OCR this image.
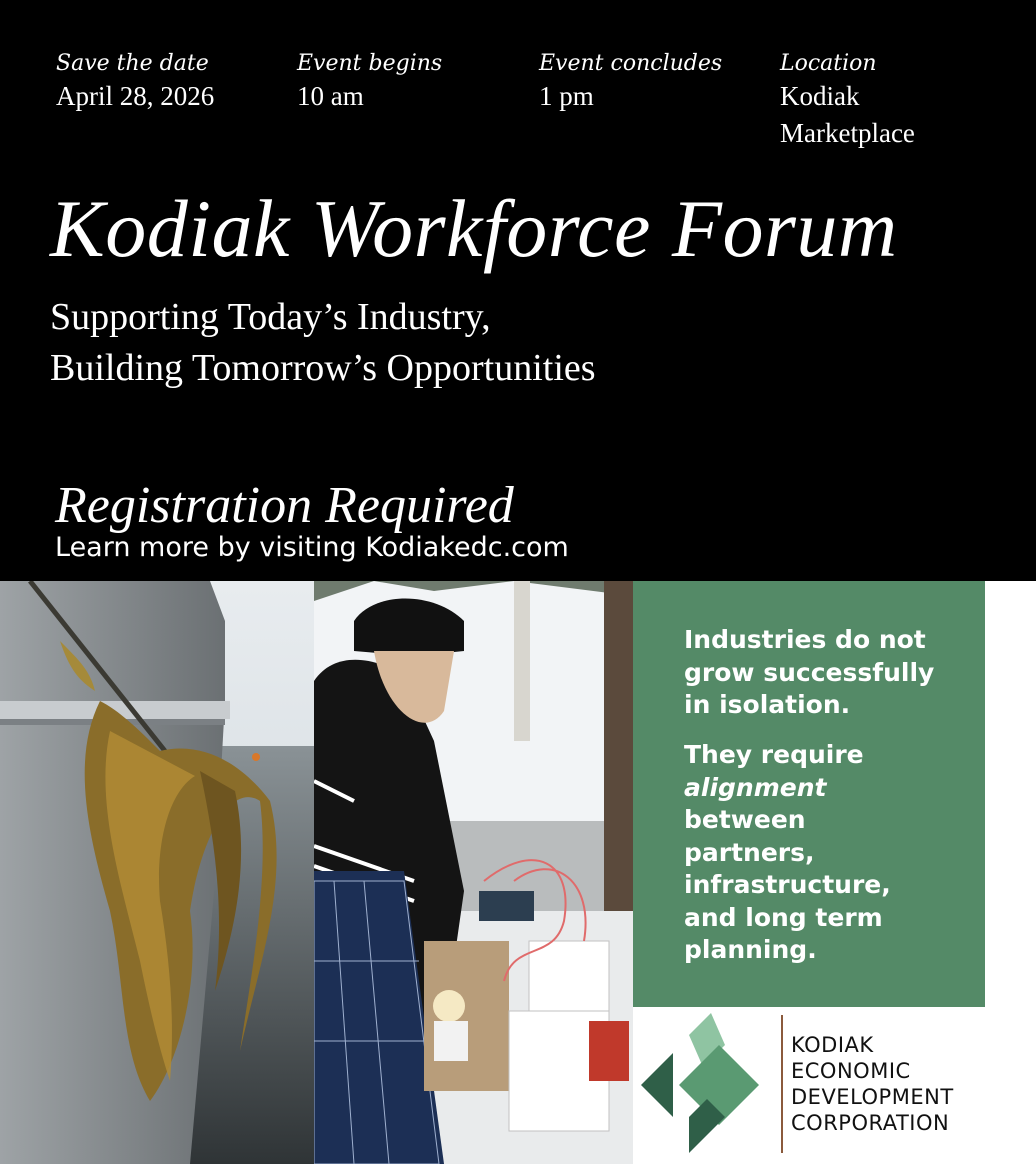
Save the date
April 28, 2026
Event begins
10 am
Event concludes
1 pm
Location
Kodiak
Marketplace
Kodiak Workforce Forum
Supporting Today’s Industry,
Building Tomorrow’s Opportunities
Registration Required
Learn more by visiting Kodiakedc.com

Industries do not

grow successfully

in isolation.

They require

alignment

between

partners,

infrastructure,

and long term

planning.

KODIAK
ECONOMIC
DEVELOPMENT
CORPORATION
